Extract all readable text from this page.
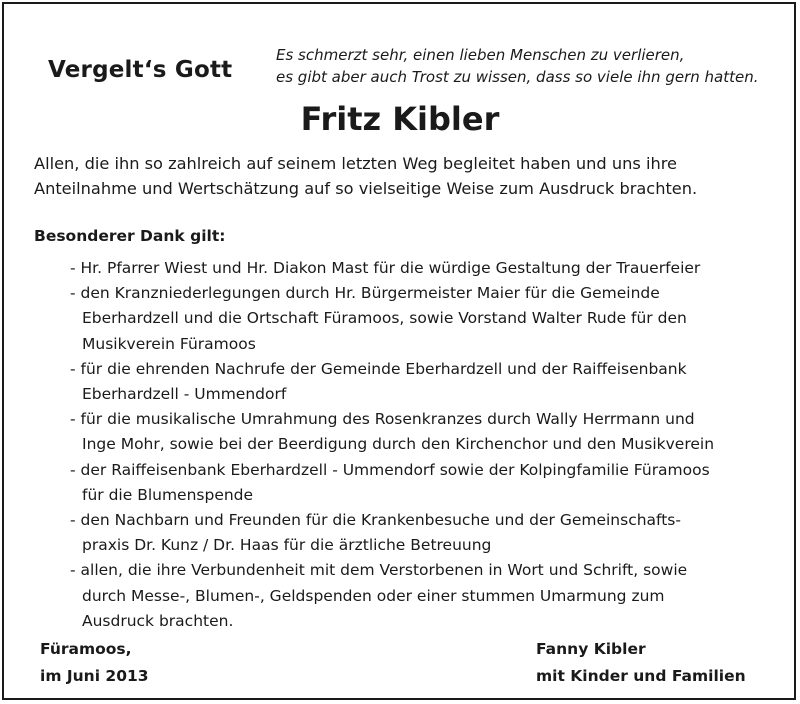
Vergelt‘s Gott
Es schmerzt sehr, einen lieben Menschen zu verlieren,
es gibt aber auch Trost zu wissen, dass so viele ihn gern hatten.
Fritz Kibler
Allen, die ihn so zahlreich auf seinem letzten Weg begleitet haben und uns ihre
Anteilnahme und Wertschätzung auf so vielseitige Weise zum Ausdruck brachten.
Besonderer Dank gilt:
- Hr. Pfarrer Wiest und Hr. Diakon Mast für die würdige Gestaltung der Trauerfeier
- den Kranzniederlegungen durch Hr. Bürgermeister Maier für die Gemeinde
Eberhardzell und die Ortschaft Füramoos, sowie Vorstand Walter Rude für den
Musikverein Füramoos
- für die ehrenden Nachrufe der Gemeinde Eberhardzell und der Raiffeisenbank
Eberhardzell - Ummendorf
- für die musikalische Umrahmung des Rosenkranzes durch Wally Herrmann und
Inge Mohr, sowie bei der Beerdigung durch den Kirchenchor und den Musikverein
- der Raiffeisenbank Eberhardzell - Ummendorf sowie der Kolpingfamilie Füramoos
für die Blumenspende
- den Nachbarn und Freunden für die Krankenbesuche und der Gemeinschafts-
praxis Dr. Kunz / Dr. Haas für die ärztliche Betreuung
- allen, die ihre Verbundenheit mit dem Verstorbenen in Wort und Schrift, sowie
durch Messe-, Blumen-, Geldspenden oder einer stummen Umarmung zum
Ausdruck brachten.
Füramoos,
im Juni 2013
Fanny Kibler
mit Kinder und Familien
